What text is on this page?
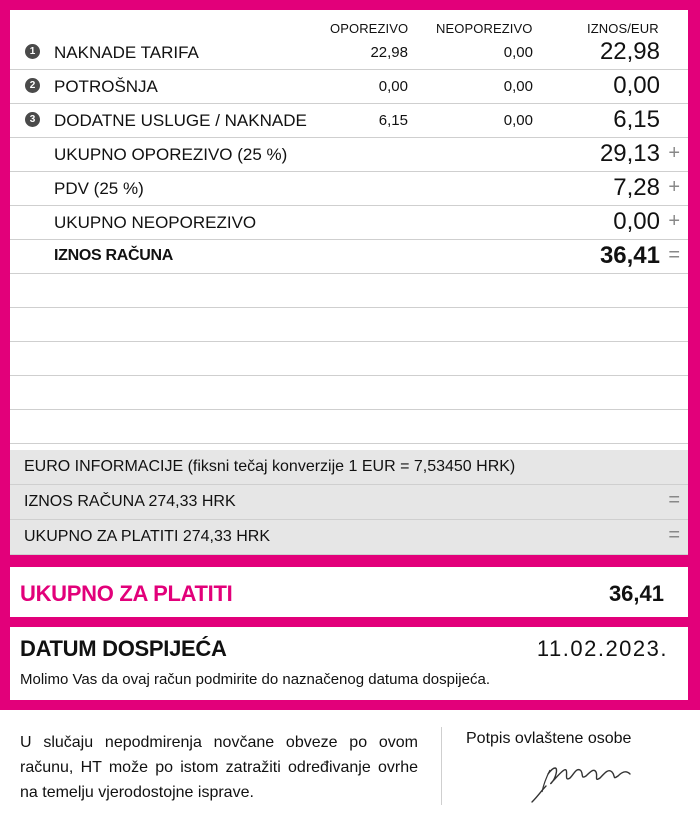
OPOREZIVO NEOPOREZIVO	IZNOS/EUR
1 NAKNADE TARIFA	22,98	0,00	22,98
2 POTROŠNJA	0,00	0,00	0,00
3 DODATNE USLUGE / NAKNADE	6,15	0,00	6,15
UKUPNO OPOREZIVO (25 %)	29,13 +
PDV (25 %)	7,28 +
UKUPNO NEOPOREZIVO	0,00 +
IZNOS RAČUNA	36,41 =
EURO INFORMACIJE (fiksni tečaj konverzije 1 EUR = 7,53450 HRK)
IZNOS RAČUNA 274,33 HRK	=
UKUPNO ZA PLATITI 274,33 HRK	=
UKUPNO ZA PLATITI	36,41
DATUM DOSPIJEĆA	11.02.2023.
Molimo Vas da ovaj račun podmirite do naznačenog datuma dospijeća.
U slučaju nepodmirenja novčane obveze po ovom računu, HT može po istom zatražiti određivanje ovrhe na temelju vjerodostojne isprave.
Potpis ovlaštene osobe
